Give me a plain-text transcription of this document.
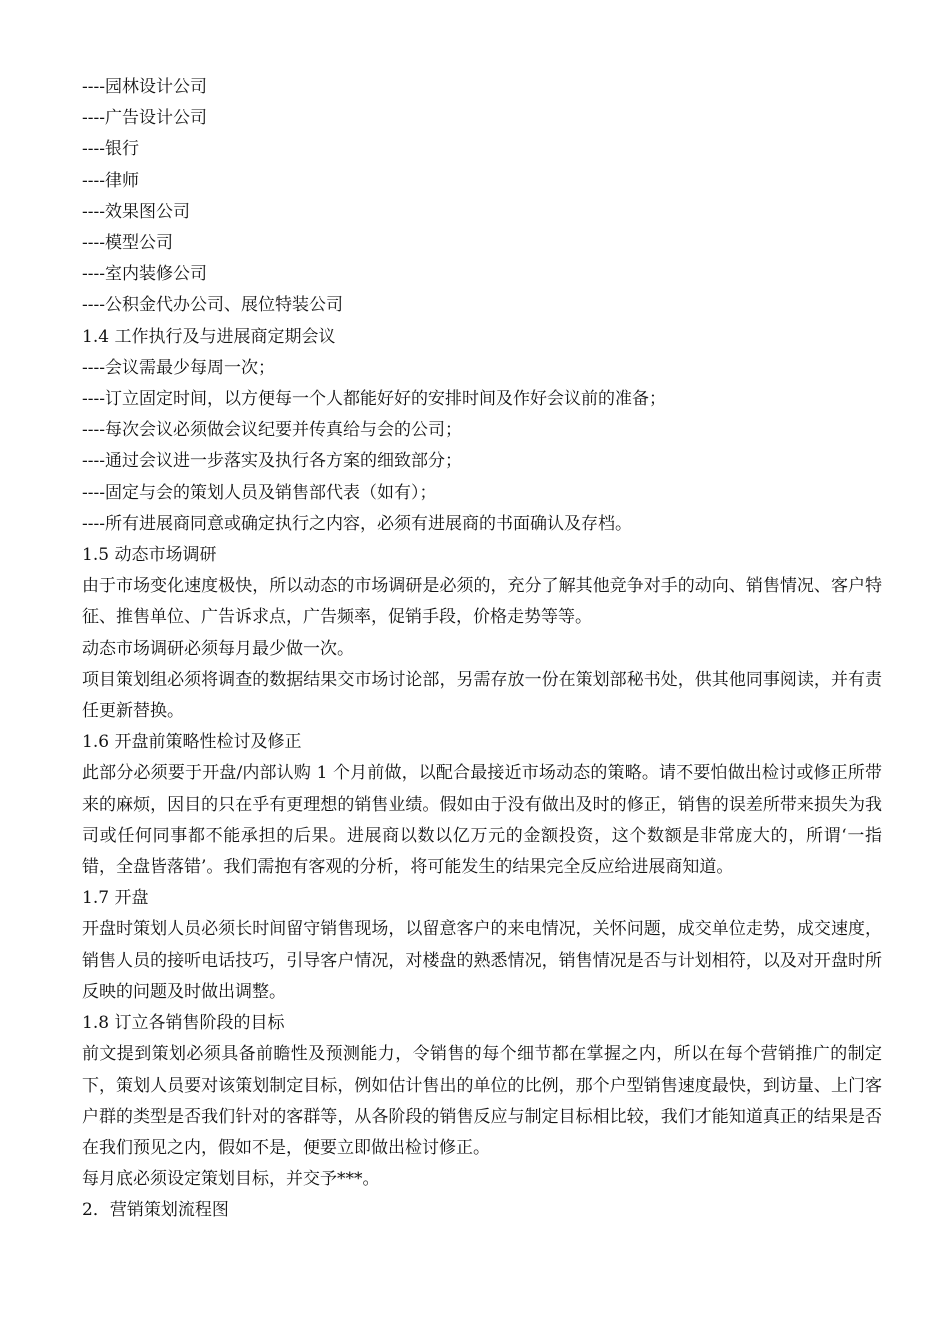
----园林设计公司
----广告设计公司
----银行
----律师
----效果图公司
----模型公司
----室内装修公司
----公积金代办公司、展位特装公司
1.4 工作执行及与进展商定期会议
----会议需最少每周一次；
----订立固定时间，以方便每一个人都能好好的安排时间及作好会议前的准备；
----每次会议必须做会议纪要并传真给与会的公司；
----通过会议进一步落实及执行各方案的细致部分；
----固定与会的策划人员及销售部代表（如有）；
----所有进展商同意或确定执行之内容，必须有进展商的书面确认及存档。
1.5 动态市场调研

由于市场变化速度极快，所以动态的市场调研是必须的，充分了解其他竞争对手的动向、销售情况、客户特征、推售单位、广告诉求点，广告频率，促销手段，价格走势等等。

动态市场调研必须每月最少做一次。

项目策划组必须将调查的数据结果交市场讨论部，另需存放一份在策划部秘书处，供其他同事阅读，并有责任更新替换。

1.6 开盘前策略性检讨及修正

此部分必须要于开盘/内部认购 1 个月前做，以配合最接近市场动态的策略。请不要怕做出检讨或修正所带来的麻烦，因目的只在乎有更理想的销售业绩。假如由于没有做出及时的修正，销售的误差所带来损失为我司或任何同事都不能承担的后果。进展商以数以亿万元的金额投资，这个数额是非常庞大的，所谓‘一指错，全盘皆落错’。我们需抱有客观的分析，将可能发生的结果完全反应给进展商知道。

1.7 开盘

开盘时策划人员必须长时间留守销售现场，以留意客户的来电情况，关怀问题，成交单位走势，成交速度，销售人员的接听电话技巧，引导客户情况，对楼盘的熟悉情况，销售情况是否与计划相符，以及对开盘时所反映的问题及时做出调整。

1.8 订立各销售阶段的目标

前文提到策划必须具备前瞻性及预测能力，令销售的每个细节都在掌握之内，所以在每个营销推广的制定下，策划人员要对该策划制定目标，例如估计售出的单位的比例，那个户型销售速度最快，到访量、上门客户群的类型是否我们针对的客群等，从各阶段的销售反应与制定目标相比较，我们才能知道真正的结果是否在我们预见之内，假如不是，便要立即做出检讨修正。

每月底必须设定策划目标，并交予***。

2．营销策划流程图
